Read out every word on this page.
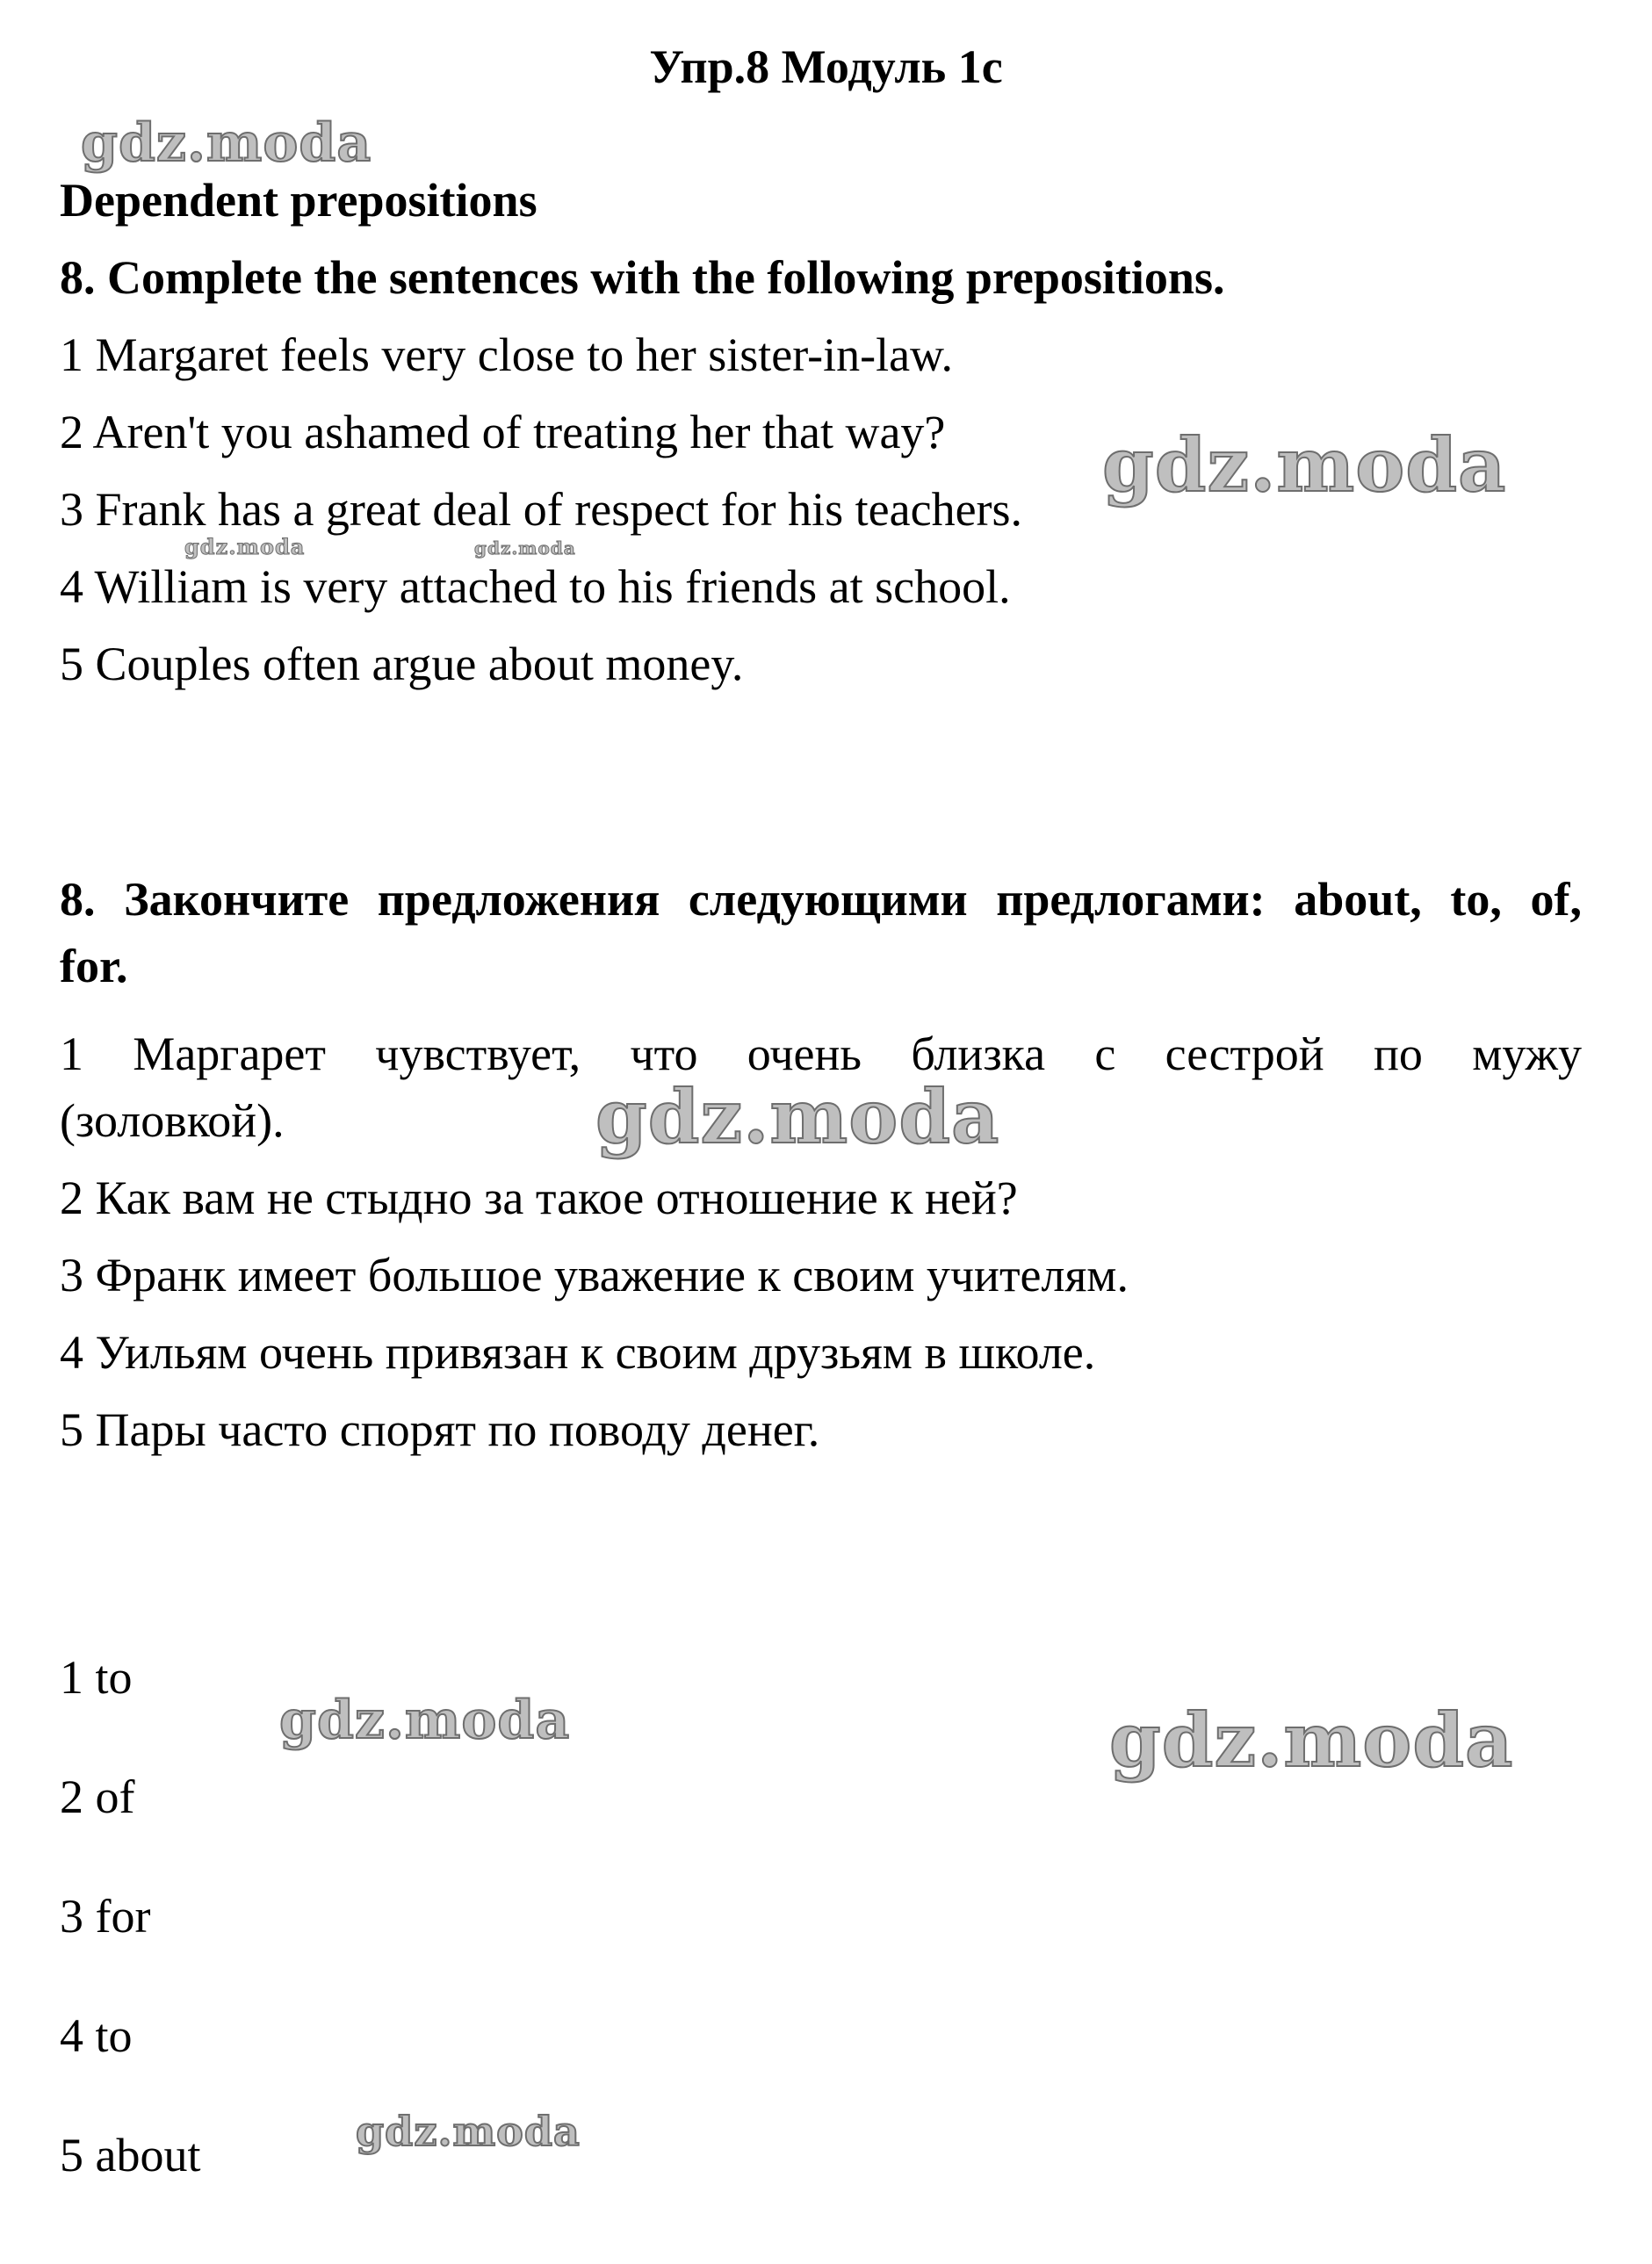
Упр.8 Модуль 1c
Dependent prepositions
8. Complete the sentences with the following prepositions.
1 Margaret feels very close to her sister-in-law.
2 Aren't you ashamed of treating her that way?
3 Frank has a great deal of respect for his teachers.
4 William is very attached to his friends at school.
5 Couples often argue about money.
8. Закончите предложения следующими предлогами: about, to, of,
for.
1 Маргарет чувствует, что очень близка с сестрой по мужу
(золовкой).
2 Как вам не стыдно за такое отношение к ней?
3 Франк имеет большое уважение к своим учителям.
4 Уильям очень привязан к своим друзьям в школе.
5 Пары часто спорят по поводу денег.
1 to
2 of
3 for
4 to
5 about
gdz.moda
gdz.moda
gdz.moda	gdz.moda
gdz.moda
gdz.moda	gdz.moda
gdz.moda
